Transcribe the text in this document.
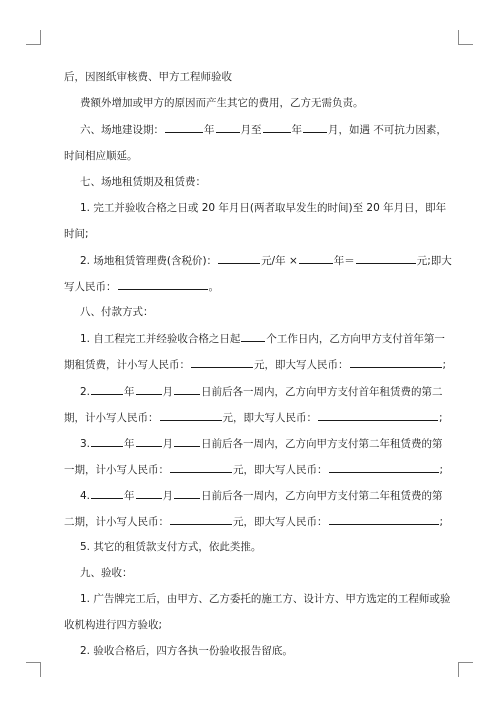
后，因图纸审核费、甲方工程师验收
费额外增加或甲方的原因而产生其它的费用，乙方无需负责。
六、场地建设期：	年 月至	年 月，如遇 不可抗力因素，
时间相应顺延。
七、场地租赁期及租赁费：
1. 完工并验收合格之日或 20 年月日(两者取早发生的时间)至 20 年月日，即年
时间;
2. 场地租赁管理费(含税价)：	元/年 ×	年＝	元;即大
写人民币：	。
八、付款方式：
1. 自工程完工并经验收合格之日起 个工作日内，乙方向甲方支付首年第一
期租赁费，计小写人民币：	元，即大写人民币：	;
2.	年	月	日前后各一周内，乙方向甲方支付首年租赁费的第二
期，计小写人民币：	元，即大写人民币：	;
3.	年	月	日前后各一周内，乙方向甲方支付第二年租赁费的第
一期，计小写人民币：	元，即大写人民币：	;
4.	年	月	日前后各一周内，乙方向甲方支付第二年租赁费的第
二期，计小写人民币：	元，即大写人民币：	;
5. 其它的租赁款支付方式，依此类推。
九、验收：
1. 广告牌完工后，由甲方、乙方委托的施工方、设计方、甲方选定的工程师或验
收机构进行四方验收;
2. 验收合格后，四方各执一份验收报告留底。
